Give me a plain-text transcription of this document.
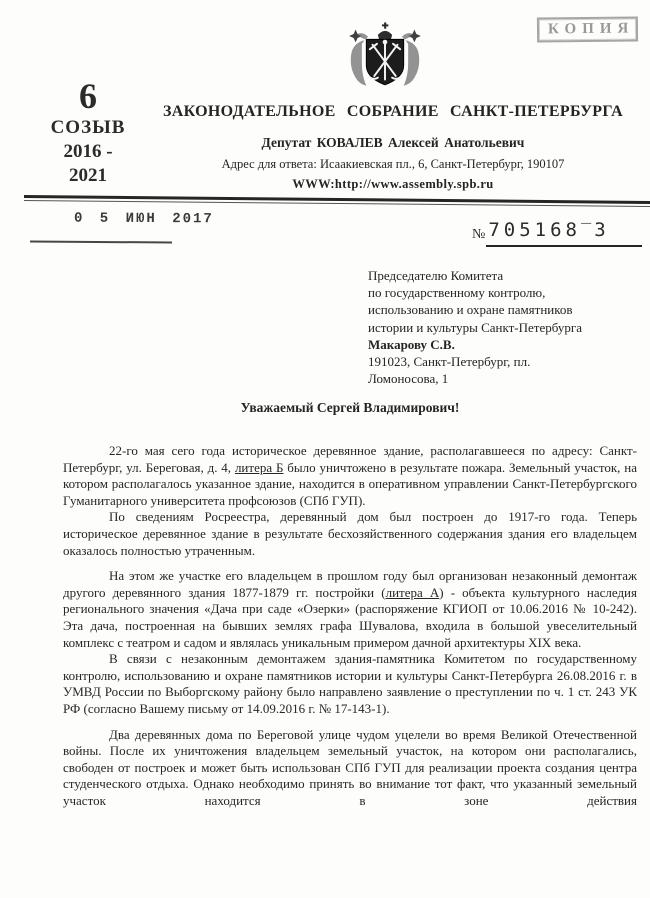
КОПИЯ
6
СОЗЫВ
2016 -
2021
ЗАКОНОДАТЕЛЬНОЕ СОБРАНИЕ САНКТ-ПЕТЕРБУРГА
Депутат КОВАЛЕВ Алексей Анатольевич
Адрес для ответа: Исаакиевская пл., 6, Санкт-Петербург, 190107
WWW:http://www.assembly.spb.ru
0 5 ИЮН 2017
№ 705168‾ 3
Председателю Комитета
по государственному контролю,
использованию и охране памятников
истории и культуры Санкт-Петербурга
Макарову С.В.
191023, Санкт-Петербург, пл.
Ломоносова, 1
Уважаемый Сергей Владимирович!

22-го мая сего года историческое деревянное здание, располагавшееся по адресу: Санкт-Петербург, ул. Береговая, д. 4, литера Б было уничтожено в результате пожара. Земельный участок, на котором располагалось указанное здание, находится в оперативном управлении Санкт-Петербургского Гуманитарного университета профсоюзов (СПб ГУП).

По сведениям Росреестра, деревянный дом был построен до 1917-го года. Теперь историческое деревянное здание в результате бесхозяйственного содержания здания его владельцем оказалось полностью утраченным.

На этом же участке его владельцем в прошлом году был организован незаконный демонтаж другого деревянного здания 1877-1879 гг. постройки (литера А) - объекта культурного наследия регионального значения «Дача при саде «Озерки» (распоряжение КГИОП от 10.06.2016 № 10-242). Эта дача, построенная на бывших землях графа Шувалова, входила в большой увеселительный комплекс с театром и садом и являлась уникальным примером дачной архитектуры XIX века.

В связи с незаконным демонтажем здания-памятника Комитетом по государственному контролю, использованию и охране памятников истории и культуры Санкт-Петербурга 26.08.2016 г. в УМВД России по Выборгскому району было направлено заявление о преступлении по ч. 1 ст. 243 УК РФ (согласно Вашему письму от 14.09.2016 г. № 17-143-1).

Два деревянных дома по Береговой улице чудом уцелели во время Великой Отечественной войны. После их уничтожения владельцем земельный участок, на котором они располагались, свободен от построек и может быть использован СПб ГУП для реализации проекта создания центра студенческого отдыха. Однако необходимо принять во внимание тот факт, что указанный земельный участок находится в зоне действия
